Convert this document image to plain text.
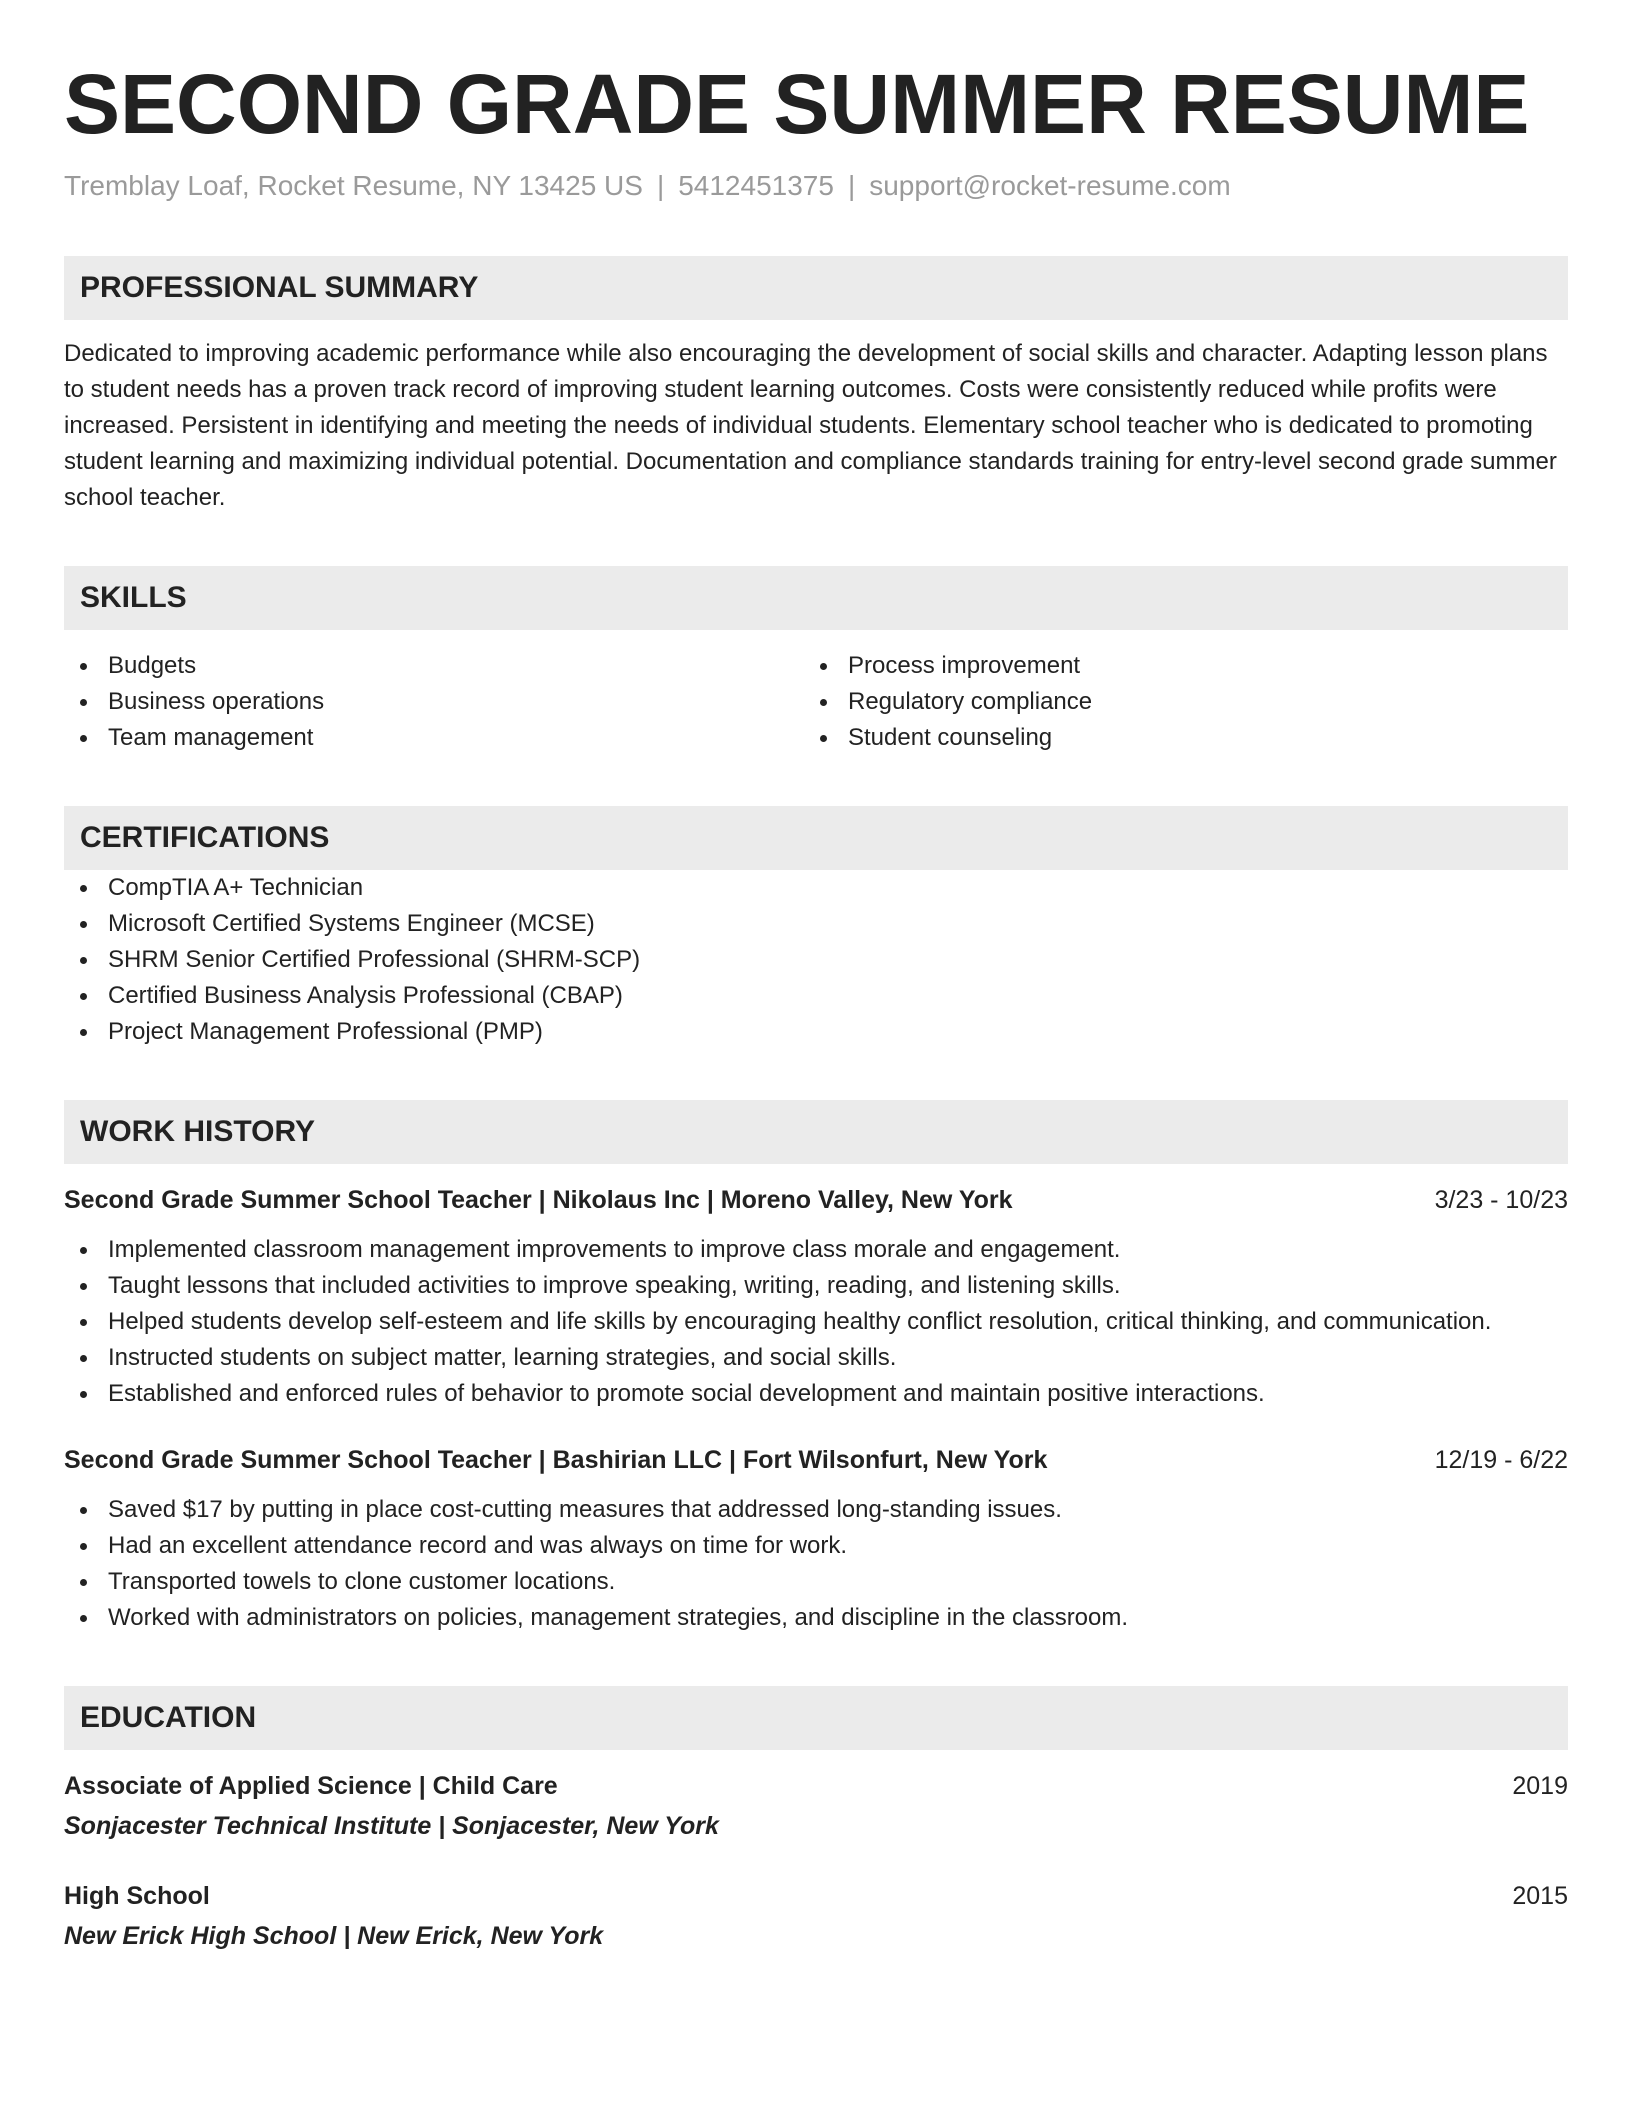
SECOND GRADE SUMMER RESUME
Tremblay Loaf, Rocket Resume, NY 13425 US | 5412451375 | support@rocket-resume.com
PROFESSIONAL SUMMARY
Dedicated to improving academic performance while also encouraging the development of social skills and character. Adapting lesson plans to student needs has a proven track record of improving student learning outcomes. Costs were consistently reduced while profits were increased. Persistent in identifying and meeting the needs of individual students. Elementary school teacher who is dedicated to promoting student learning and maximizing individual potential. Documentation and compliance standards training for entry-level second grade summer school teacher.
SKILLS
Budgets
Business operations
Team management
Process improvement
Regulatory compliance
Student counseling
CERTIFICATIONS
CompTIA A+ Technician
Microsoft Certified Systems Engineer (MCSE)
SHRM Senior Certified Professional (SHRM-SCP)
Certified Business Analysis Professional (CBAP)
Project Management Professional (PMP)
WORK HISTORY
Second Grade Summer School Teacher | Nikolaus Inc | Moreno Valley, New York	3/23 - 10/23
Implemented classroom management improvements to improve class morale and engagement.
Taught lessons that included activities to improve speaking, writing, reading, and listening skills.
Helped students develop self-esteem and life skills by encouraging healthy conflict resolution, critical thinking, and communication.
Instructed students on subject matter, learning strategies, and social skills.
Established and enforced rules of behavior to promote social development and maintain positive interactions.
Second Grade Summer School Teacher | Bashirian LLC | Fort Wilsonfurt, New York	12/19 - 6/22
Saved $17 by putting in place cost-cutting measures that addressed long-standing issues.
Had an excellent attendance record and was always on time for work.
Transported towels to clone customer locations.
Worked with administrators on policies, management strategies, and discipline in the classroom.
EDUCATION
Associate of Applied Science | Child Care	2019
Sonjacester Technical Institute | Sonjacester, New York
High School	2015
New Erick High School | New Erick, New York
